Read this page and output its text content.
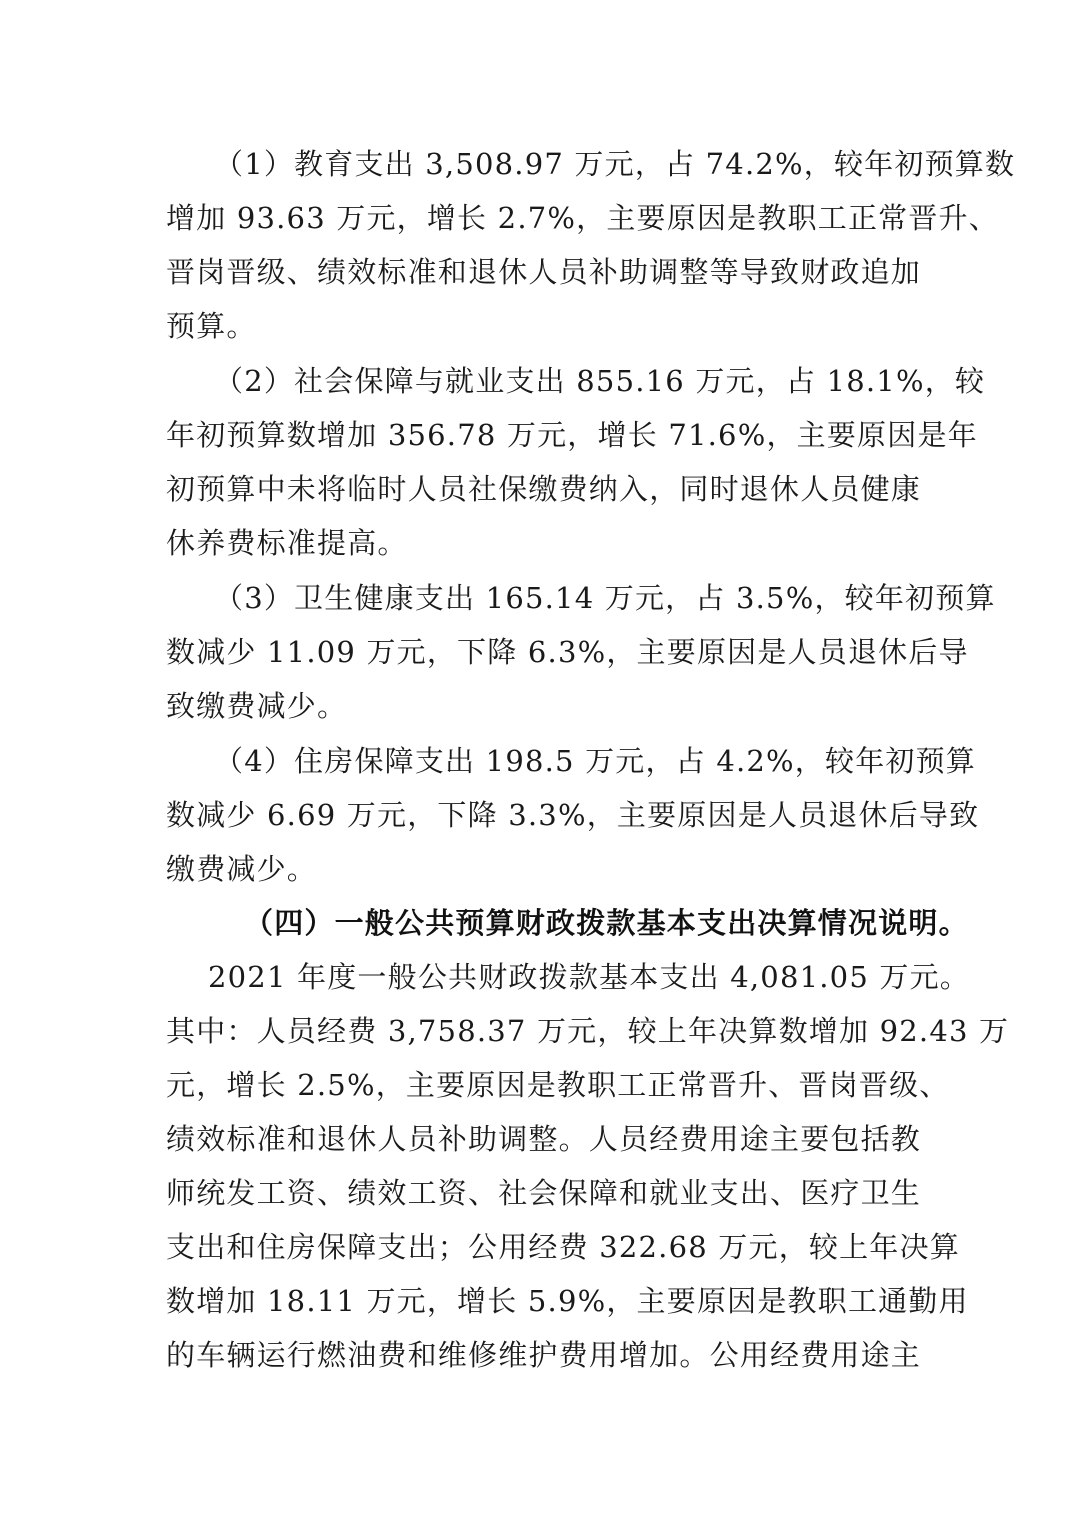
（1）教育支出 3,508.97 万元，占 74.2%，较年初预算数

增加 93.63 万元，增长 2.7%，主要原因是教职工正常晋升、

晋岗晋级、绩效标准和退休人员补助调整等导致财政追加

预算。

（2）社会保障与就业支出 855.16 万元，占 18.1%，较

年初预算数增加 356.78 万元，增长 71.6%，主要原因是年

初预算中未将临时人员社保缴费纳入，同时退休人员健康

休养费标准提高。

（3）卫生健康支出 165.14 万元，占 3.5%，较年初预算

数减少 11.09 万元，下降 6.3%，主要原因是人员退休后导

致缴费减少。

（4）住房保障支出 198.5 万元，占 4.2%，较年初预算

数减少 6.69 万元，下降 3.3%，主要原因是人员退休后导致

缴费减少。

（四）一般公共预算财政拨款基本支出决算情况说明。

2021 年度一般公共财政拨款基本支出 4,081.05 万元。

其中：人员经费 3,758.37 万元，较上年决算数增加 92.43 万

元，增长 2.5%，主要原因是教职工正常晋升、晋岗晋级、

绩效标准和退休人员补助调整。人员经费用途主要包括教

师统发工资、绩效工资、社会保障和就业支出、医疗卫生

支出和住房保障支出；公用经费 322.68 万元，较上年决算

数增加 18.11 万元，增长 5.9%，主要原因是教职工通勤用

的车辆运行燃油费和维修维护费用增加。公用经费用途主
